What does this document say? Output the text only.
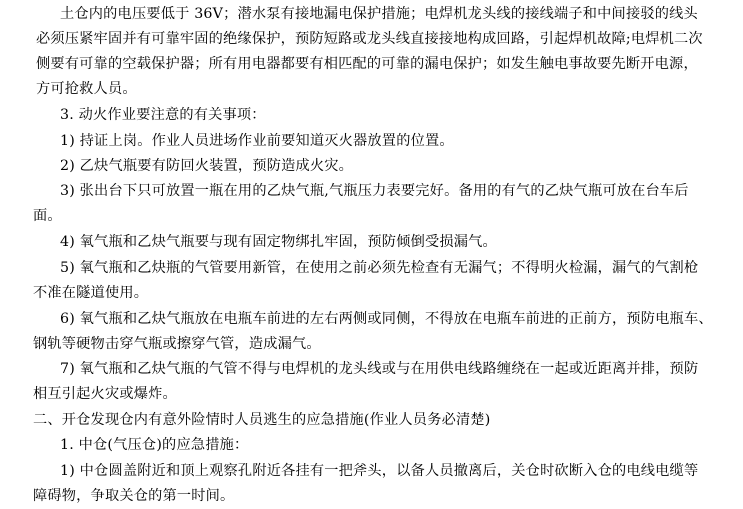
土仓内的电压要低于 36V；潜水泵有接地漏电保护措施；电焊机龙头线的接线端子和中间接驳的线头
必须压紧牢固并有可靠牢固的绝缘保护，预防短路或龙头线直接接地构成回路，引起焊机故障;电焊机二次
侧要有可靠的空载保护器；所有用电器都要有相匹配的可靠的漏电保护；如发生触电事故要先断开电源，
方可抢救人员。
3. 动火作业要注意的有关事项：
1) 持证上岗。作业人员进场作业前要知道灭火器放置的位置。
2) 乙炔气瓶要有防回火装置，预防造成火灾。
3) 张出台下只可放置一瓶在用的乙炔气瓶,气瓶压力表要完好。备用的有气的乙炔气瓶可放在台车后
面。
4) 氧气瓶和乙炔气瓶要与现有固定物绑扎牢固，预防倾倒受损漏气。
5) 氧气瓶和乙炔瓶的气管要用新管，在使用之前必须先检查有无漏气；不得明火检漏，漏气的气割枪
不准在隧道使用。
6) 氧气瓶和乙炔气瓶放在电瓶车前进的左右两侧或同侧，不得放在电瓶车前进的正前方，预防电瓶车、
钢轨等硬物击穿气瓶或擦穿气管，造成漏气。
7) 氧气瓶和乙炔气瓶的气管不得与电焊机的龙头线或与在用供电线路缠绕在一起或近距离并排，预防
相互引起火灾或爆炸。
二、开仓发现仓内有意外险情时人员逃生的应急措施(作业人员务必清楚)
1. 中仓(气压仓)的应急措施：
1) 中仓圆盖附近和顶上观察孔附近各挂有一把斧头，以备人员撤离后，关仓时砍断入仓的电线电缆等
障碍物，争取关仓的第一时间。
